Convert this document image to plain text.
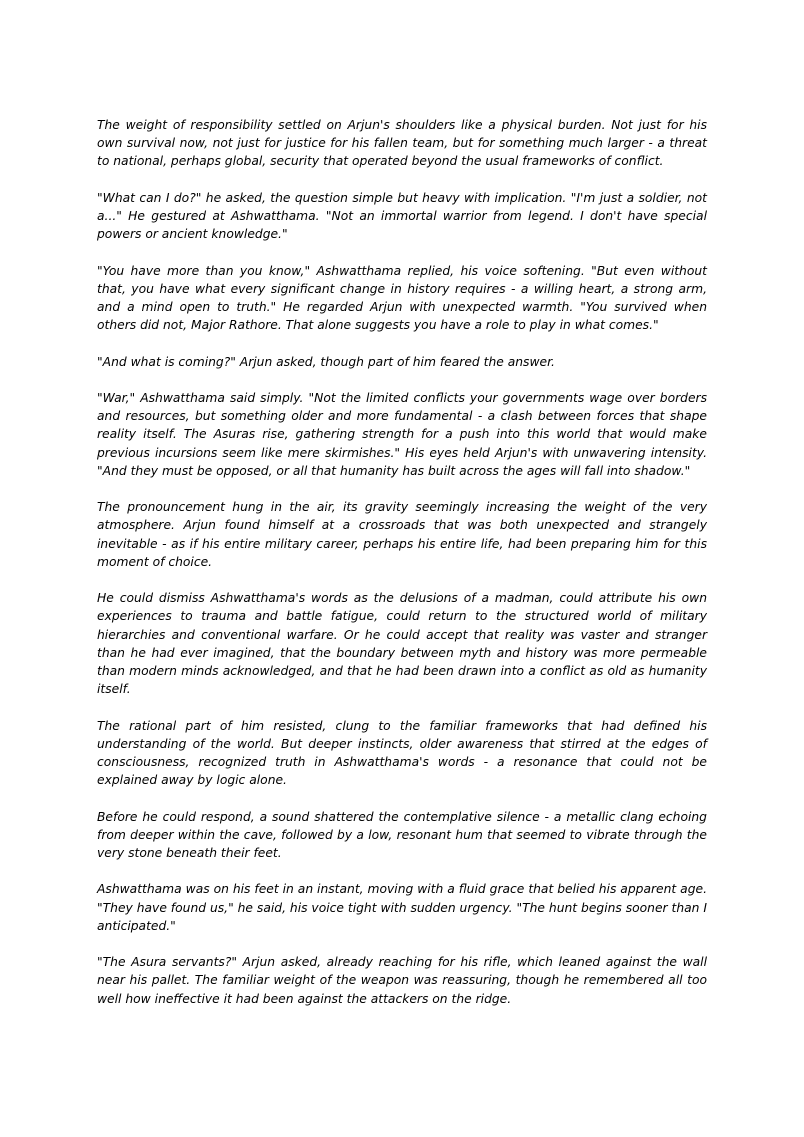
The weight of responsibility settled on Arjun's shoulders like a physical burden. Not just for his own survival now, not just for justice for his fallen team, but for something much larger - a threat to national, perhaps global, security that operated beyond the usual frameworks of conflict.

"What can I do?" he asked, the question simple but heavy with implication. "I'm just a soldier, not a..." He gestured at Ashwatthama. "Not an immortal warrior from legend. I don't have special powers or ancient knowledge."

"You have more than you know," Ashwatthama replied, his voice softening. "But even without that, you have what every significant change in history requires - a willing heart, a strong arm, and a mind open to truth." He regarded Arjun with unexpected warmth. "You survived when others did not, Major Rathore. That alone suggests you have a role to play in what comes."

"And what is coming?" Arjun asked, though part of him feared the answer.

"War," Ashwatthama said simply. "Not the limited conflicts your governments wage over borders and resources, but something older and more fundamental - a clash between forces that shape reality itself. The Asuras rise, gathering strength for a push into this world that would make previous incursions seem like mere skirmishes." His eyes held Arjun's with unwavering intensity. "And they must be opposed, or all that humanity has built across the ages will fall into shadow."

The pronouncement hung in the air, its gravity seemingly increasing the weight of the very atmosphere. Arjun found himself at a crossroads that was both unexpected and strangely inevitable - as if his entire military career, perhaps his entire life, had been preparing him for this moment of choice.

He could dismiss Ashwatthama's words as the delusions of a madman, could attribute his own experiences to trauma and battle fatigue, could return to the structured world of military hierarchies and conventional warfare. Or he could accept that reality was vaster and stranger than he had ever imagined, that the boundary between myth and history was more permeable than modern minds acknowledged, and that he had been drawn into a conflict as old as humanity itself.

The rational part of him resisted, clung to the familiar frameworks that had defined his understanding of the world. But deeper instincts, older awareness that stirred at the edges of consciousness, recognized truth in Ashwatthama's words - a resonance that could not be explained away by logic alone.

Before he could respond, a sound shattered the contemplative silence - a metallic clang echoing from deeper within the cave, followed by a low, resonant hum that seemed to vibrate through the very stone beneath their feet.

Ashwatthama was on his feet in an instant, moving with a fluid grace that belied his apparent age. "They have found us," he said, his voice tight with sudden urgency. "The hunt begins sooner than I anticipated."

"The Asura servants?" Arjun asked, already reaching for his rifle, which leaned against the wall near his pallet. The familiar weight of the weapon was reassuring, though he remembered all too well how ineffective it had been against the attackers on the ridge.
